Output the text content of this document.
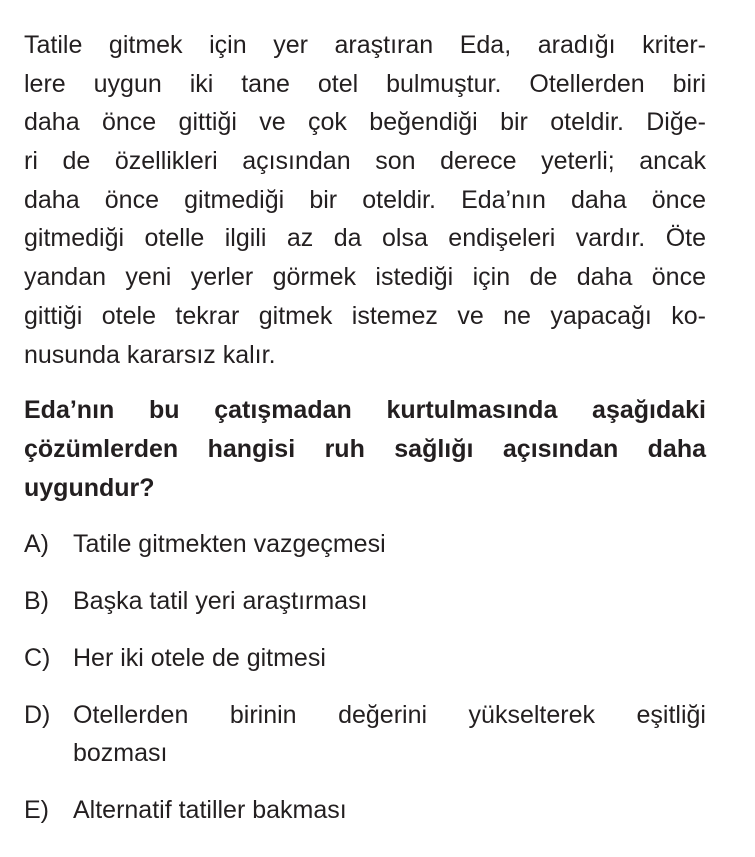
Tatile gitmek için yer araştıran Eda, aradığı kriter-
lere uygun iki tane otel bulmuştur. Otellerden biri
daha önce gittiği ve çok beğendiği bir oteldir. Diğe-
ri de özellikleri açısından son derece yeterli; ancak
daha önce gitmediği bir oteldir. Eda’nın daha önce
gitmediği otelle ilgili az da olsa endişeleri vardır. Öte
yandan yeni yerler görmek istediği için de daha önce
gittiği otele tekrar gitmek istemez ve ne yapacağı ko-
nusunda kararsız kalır.
Eda’nın bu çatışmadan kurtulmasında aşağıdaki
çözümlerden hangisi ruh sağlığı açısından daha
uygundur?
A) Tatile gitmekten vazgeçmesi
B) Başka tatil yeri araştırması
C) Her iki otele de gitmesi
D) Otellerden birinin değerini yükselterek eşitliği
bozması
E) Alternatif tatiller bakması
